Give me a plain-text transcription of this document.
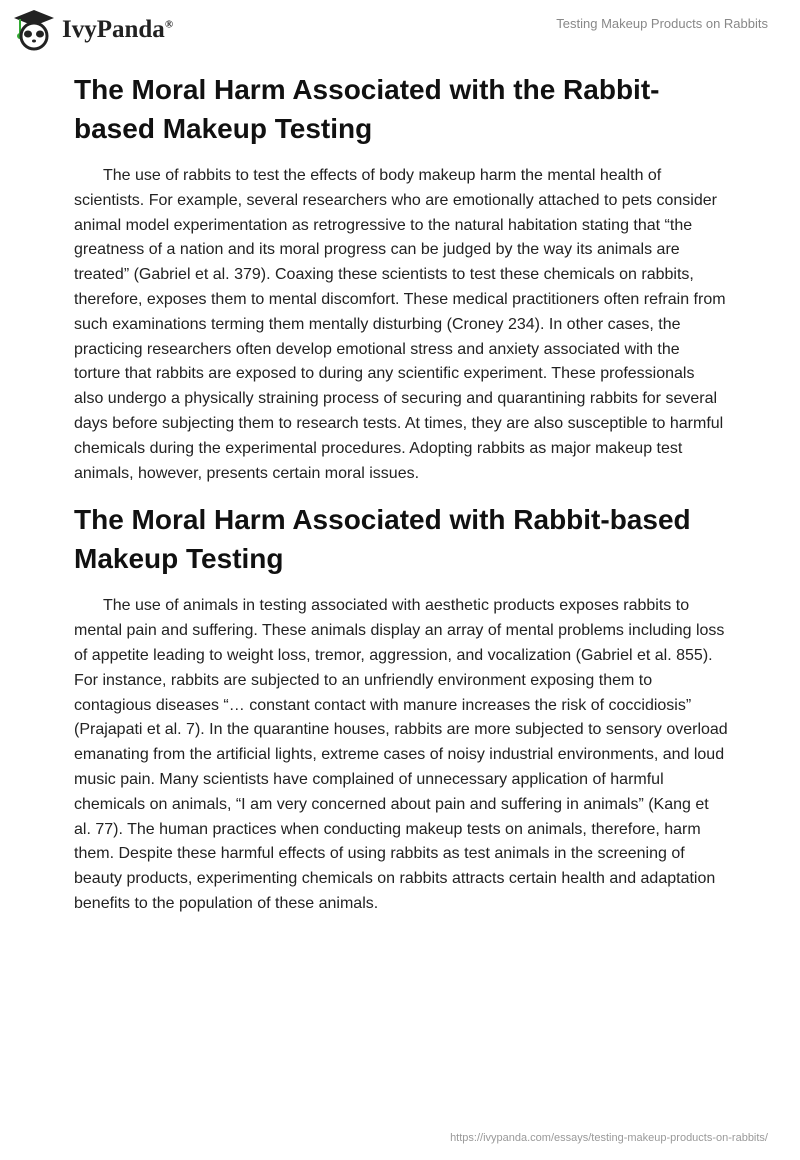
IvyPanda®	Testing Makeup Products on Rabbits
The Moral Harm Associated with the Rabbit-based Makeup Testing

The use of rabbits to test the effects of body makeup harm the mental health of scientists. For example, several researchers who are emotionally attached to pets consider animal model experimentation as retrogressive to the natural habitation stating that “the greatness of a nation and its moral progress can be judged by the way its animals are treated” (Gabriel et al. 379). Coaxing these scientists to test these chemicals on rabbits, therefore, exposes them to mental discomfort. These medical practitioners often refrain from such examinations terming them mentally disturbing (Croney 234). In other cases, the practicing researchers often develop emotional stress and anxiety associated with the torture that rabbits are exposed to during any scientific experiment. These professionals also undergo a physically straining process of securing and quarantining rabbits for several days before subjecting them to research tests. At times, they are also susceptible to harmful chemicals during the experimental procedures. Adopting rabbits as major makeup test animals, however, presents certain moral issues.

The Moral Harm Associated with Rabbit-based Makeup Testing

The use of animals in testing associated with aesthetic products exposes rabbits to mental pain and suffering. These animals display an array of mental problems including loss of appetite leading to weight loss, tremor, aggression, and vocalization (Gabriel et al. 855). For instance, rabbits are subjected to an unfriendly environment exposing them to contagious diseases “… constant contact with manure increases the risk of coccidiosis” (Prajapati et al. 7). In the quarantine houses, rabbits are more subjected to sensory overload emanating from the artificial lights, extreme cases of noisy industrial environments, and loud music pain. Many scientists have complained of unnecessary application of harmful chemicals on animals, “I am very concerned about pain and suffering in animals” (Kang et al. 77). The human practices when conducting makeup tests on animals, therefore, harm them. Despite these harmful effects of using rabbits as test animals in the screening of beauty products, experimenting chemicals on rabbits attracts certain health and adaptation benefits to the population of these animals.

https://ivypanda.com/essays/testing-makeup-products-on-rabbits/
